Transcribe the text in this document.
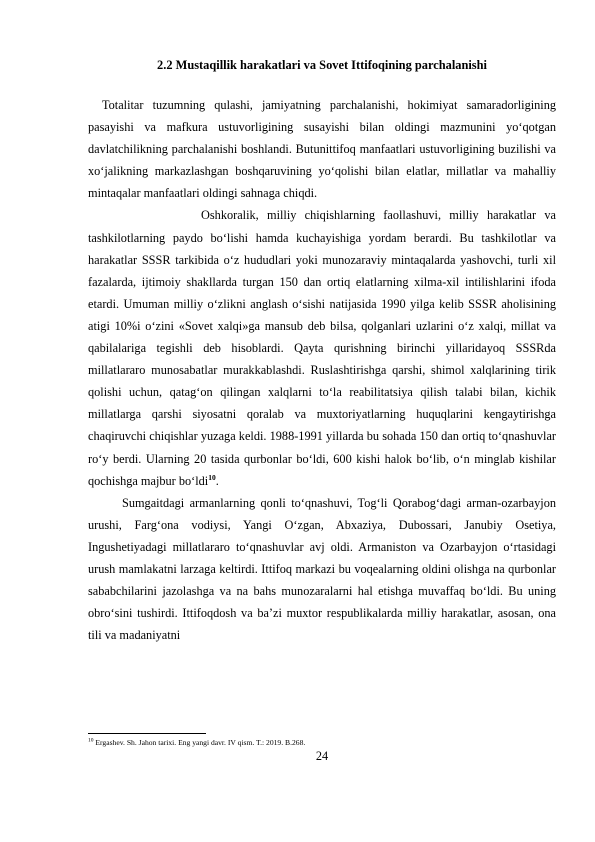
2.2 Mustaqillik harakatlari va Sovet Ittifoqining parchalanishi

Totalitar tuzumning qulashi, jamiyatning parchalanishi, hokimiyat samaradorligining pasayishi va mafkura ustuvorligining susayishi bilan oldingi mazmunini yo‘qotgan davlatchilikning parchalanishi boshlandi. Butunittifoq manfaatlari ustuvorligining buzilishi va xo‘jalikning markazlashgan boshqaruvining yo‘qolishi bilan elatlar, millatlar va mahalliy mintaqalar manfaatlari oldingi sahnaga chiqdi.

Oshkoralik, milliy chiqishlarning faollashuvi, milliy harakatlar va tashkilotlarning paydo bo‘lishi hamda kuchayishiga yordam berardi. Bu tashkilotlar va harakatlar SSSR tarkibida o‘z hududlari yoki munozaraviy mintaqalarda yashovchi, turli xil fazalarda, ijtimoiy shakllarda turgan 150 dan ortiq elatlarning xilma-xil intilishlarini ifoda etardi. Umuman milliy o‘zlikni anglash o‘sishi natijasida 1990 yilga kelib SSSR aholisining atigi 10%i o‘zini «Sovet xalqi»ga mansub deb bilsa, qolganlari uzlarini o‘z xalqi, millat va qabilalariga tegishli deb hisoblardi. Qayta qurishning birinchi yillaridayoq SSSRda millatlararo munosabatlar murakkablashdi. Ruslashtirishga qarshi, shimol xalqlarining tirik qolishi uchun, qatag‘on qilingan xalqlarni to‘la reabilitatsiya qilish talabi bilan, kichik millatlarga qarshi siyosatni qoralab va muxtoriyatlarning huquqlarini kengaytirishga chaqiruvchi chiqishlar yuzaga keldi. 1988-1991 yillarda bu sohada 150 dan ortiq to‘qnashuvlar ro‘y berdi. Ularning 20 tasida qurbonlar bo‘ldi, 600 kishi halok bo‘lib, o‘n minglab kishilar qochishga majbur bo‘ldi$^{10}$.

Sumgaitdagi armanlarning qonli to‘qnashuvi, Tog‘li Qorabog‘dagi arman-ozarbayjon urushi, Farg‘ona vodiysi, Yangi O‘zgan, Abxaziya, Dubossari, Janubiy Osetiya, Ingushetiyadagi millatlararo to‘qnashuvlar avj oldi. Armaniston va Ozarbayjon o‘rtasidagi urush mamlakatni larzaga keltirdi. Ittifoq markazi bu voqealarning oldini olishga na qurbonlar sababchilarini jazolashga va na bahs munozaralarni hal etishga muvaffaq bo‘ldi. Bu uning obro‘sini tushirdi. Ittifoqdosh va ba’zi muxtor respublikalarda milliy harakatlar, asosan, ona tili va madaniyatni

$^{10}$ Ergashev. Sh. Jahon tarixi. Eng yangi davr. IV qism. T.: 2019. B.268.
24
